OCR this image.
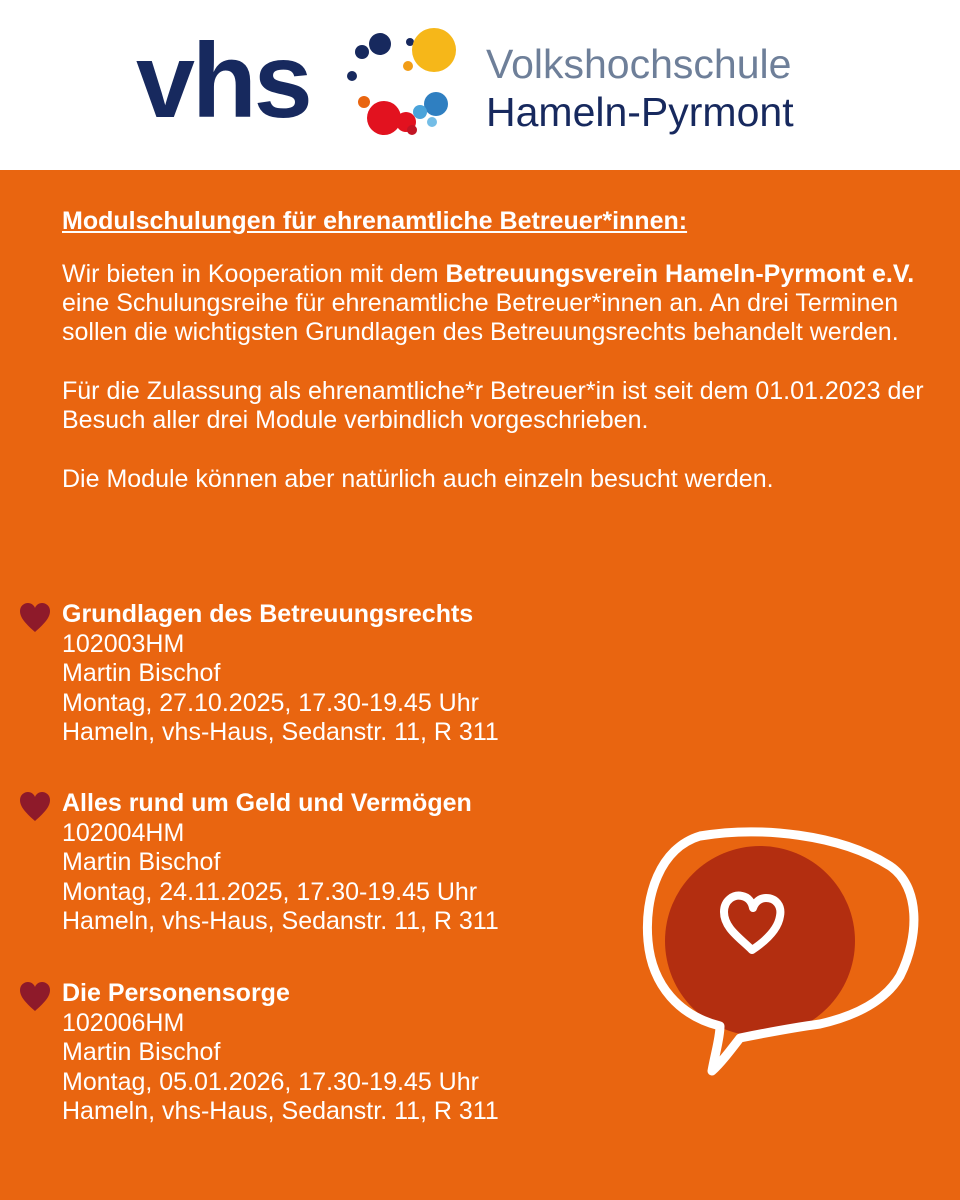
vhs	Volkshochschule
Hameln-Pyrmont
Modulschulungen für ehrenamtliche Betreuer*innen:

Wir bieten in Kooperation mit dem Betreuungsverein Hameln-Pyrmont e.V. eine Schulungsreihe für ehrenamtliche Betreuer*innen an. An drei Terminen sollen die wichtigsten Grundlagen des Betreuungsrechts behandelt werden.

Für die Zulassung als ehrenamtliche*r Betreuer*in ist seit dem 01.01.2023 der Besuch aller drei Module verbindlich vorgeschrieben.

Die Module können aber natürlich auch einzeln besucht werden.

Grundlagen des Betreuungsrechts
102003HM
Martin Bischof
Montag, 27.10.2025, 17.30-19.45 Uhr
Hameln, vhs-Haus, Sedanstr. 11, R 311
Alles rund um Geld und Vermögen
102004HM
Martin Bischof
Montag, 24.11.2025, 17.30-19.45 Uhr
Hameln, vhs-Haus, Sedanstr. 11, R 311
Die Personensorge
102006HM
Martin Bischof
Montag, 05.01.2026, 17.30-19.45 Uhr
Hameln, vhs-Haus, Sedanstr. 11, R 311
